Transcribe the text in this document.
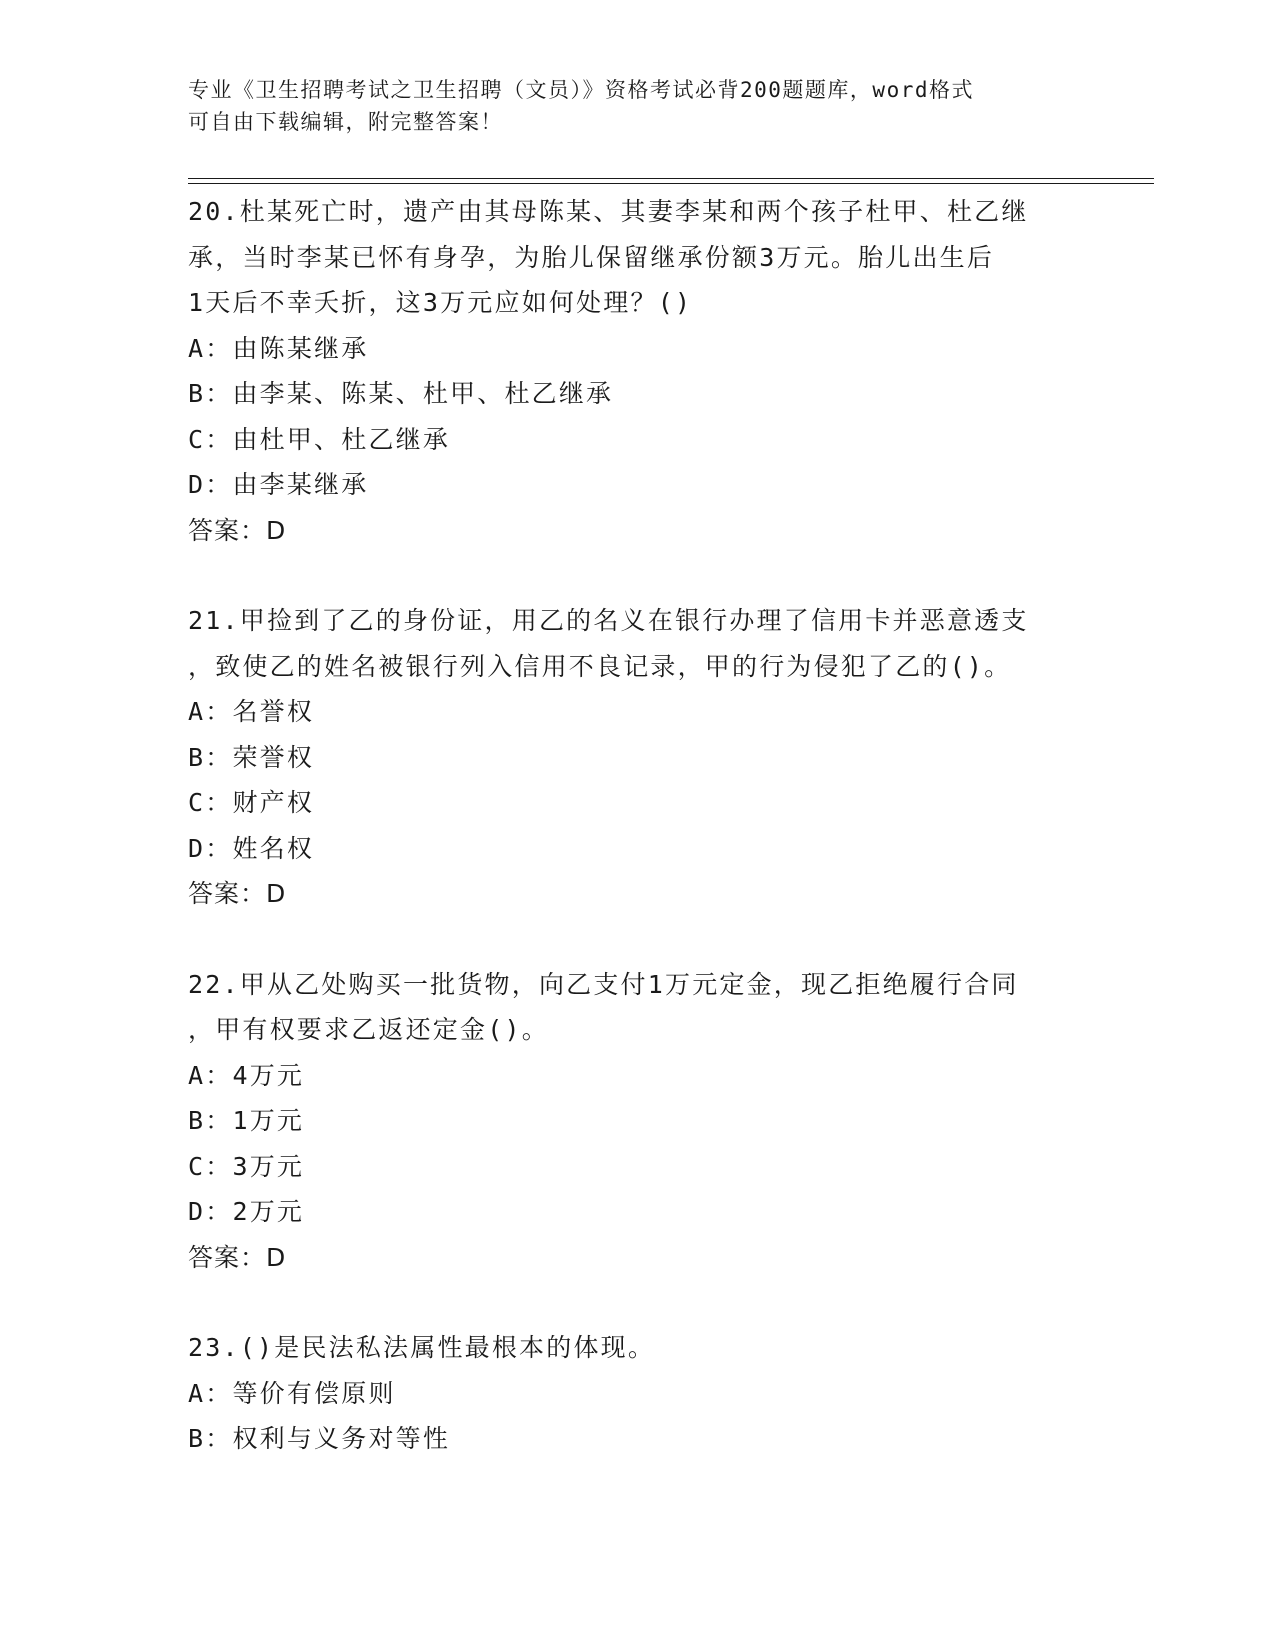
专业《卫生招聘考试之卫生招聘（文员）》资格考试必背200题题库，word格式
可自由下载编辑，附完整答案！
20.杜某死亡时，遗产由其母陈某、其妻李某和两个孩子杜甲、杜乙继
承，当时李某已怀有身孕，为胎儿保留继承份额3万元。胎儿出生后
1天后不幸夭折，这3万元应如何处理？()
A：由陈某继承
B：由李某、陈某、杜甲、杜乙继承
C：由杜甲、杜乙继承
D：由李某继承
答案：D
21.甲捡到了乙的身份证，用乙的名义在银行办理了信用卡并恶意透支
，致使乙的姓名被银行列入信用不良记录，甲的行为侵犯了乙的()。
A：名誉权
B：荣誉权
C：财产权
D：姓名权
答案：D
22.甲从乙处购买一批货物，向乙支付1万元定金，现乙拒绝履行合同
，甲有权要求乙返还定金()。
A：4万元
B：1万元
C：3万元
D：2万元
答案：D
23.()是民法私法属性最根本的体现。
A：等价有偿原则
B：权利与义务对等性
